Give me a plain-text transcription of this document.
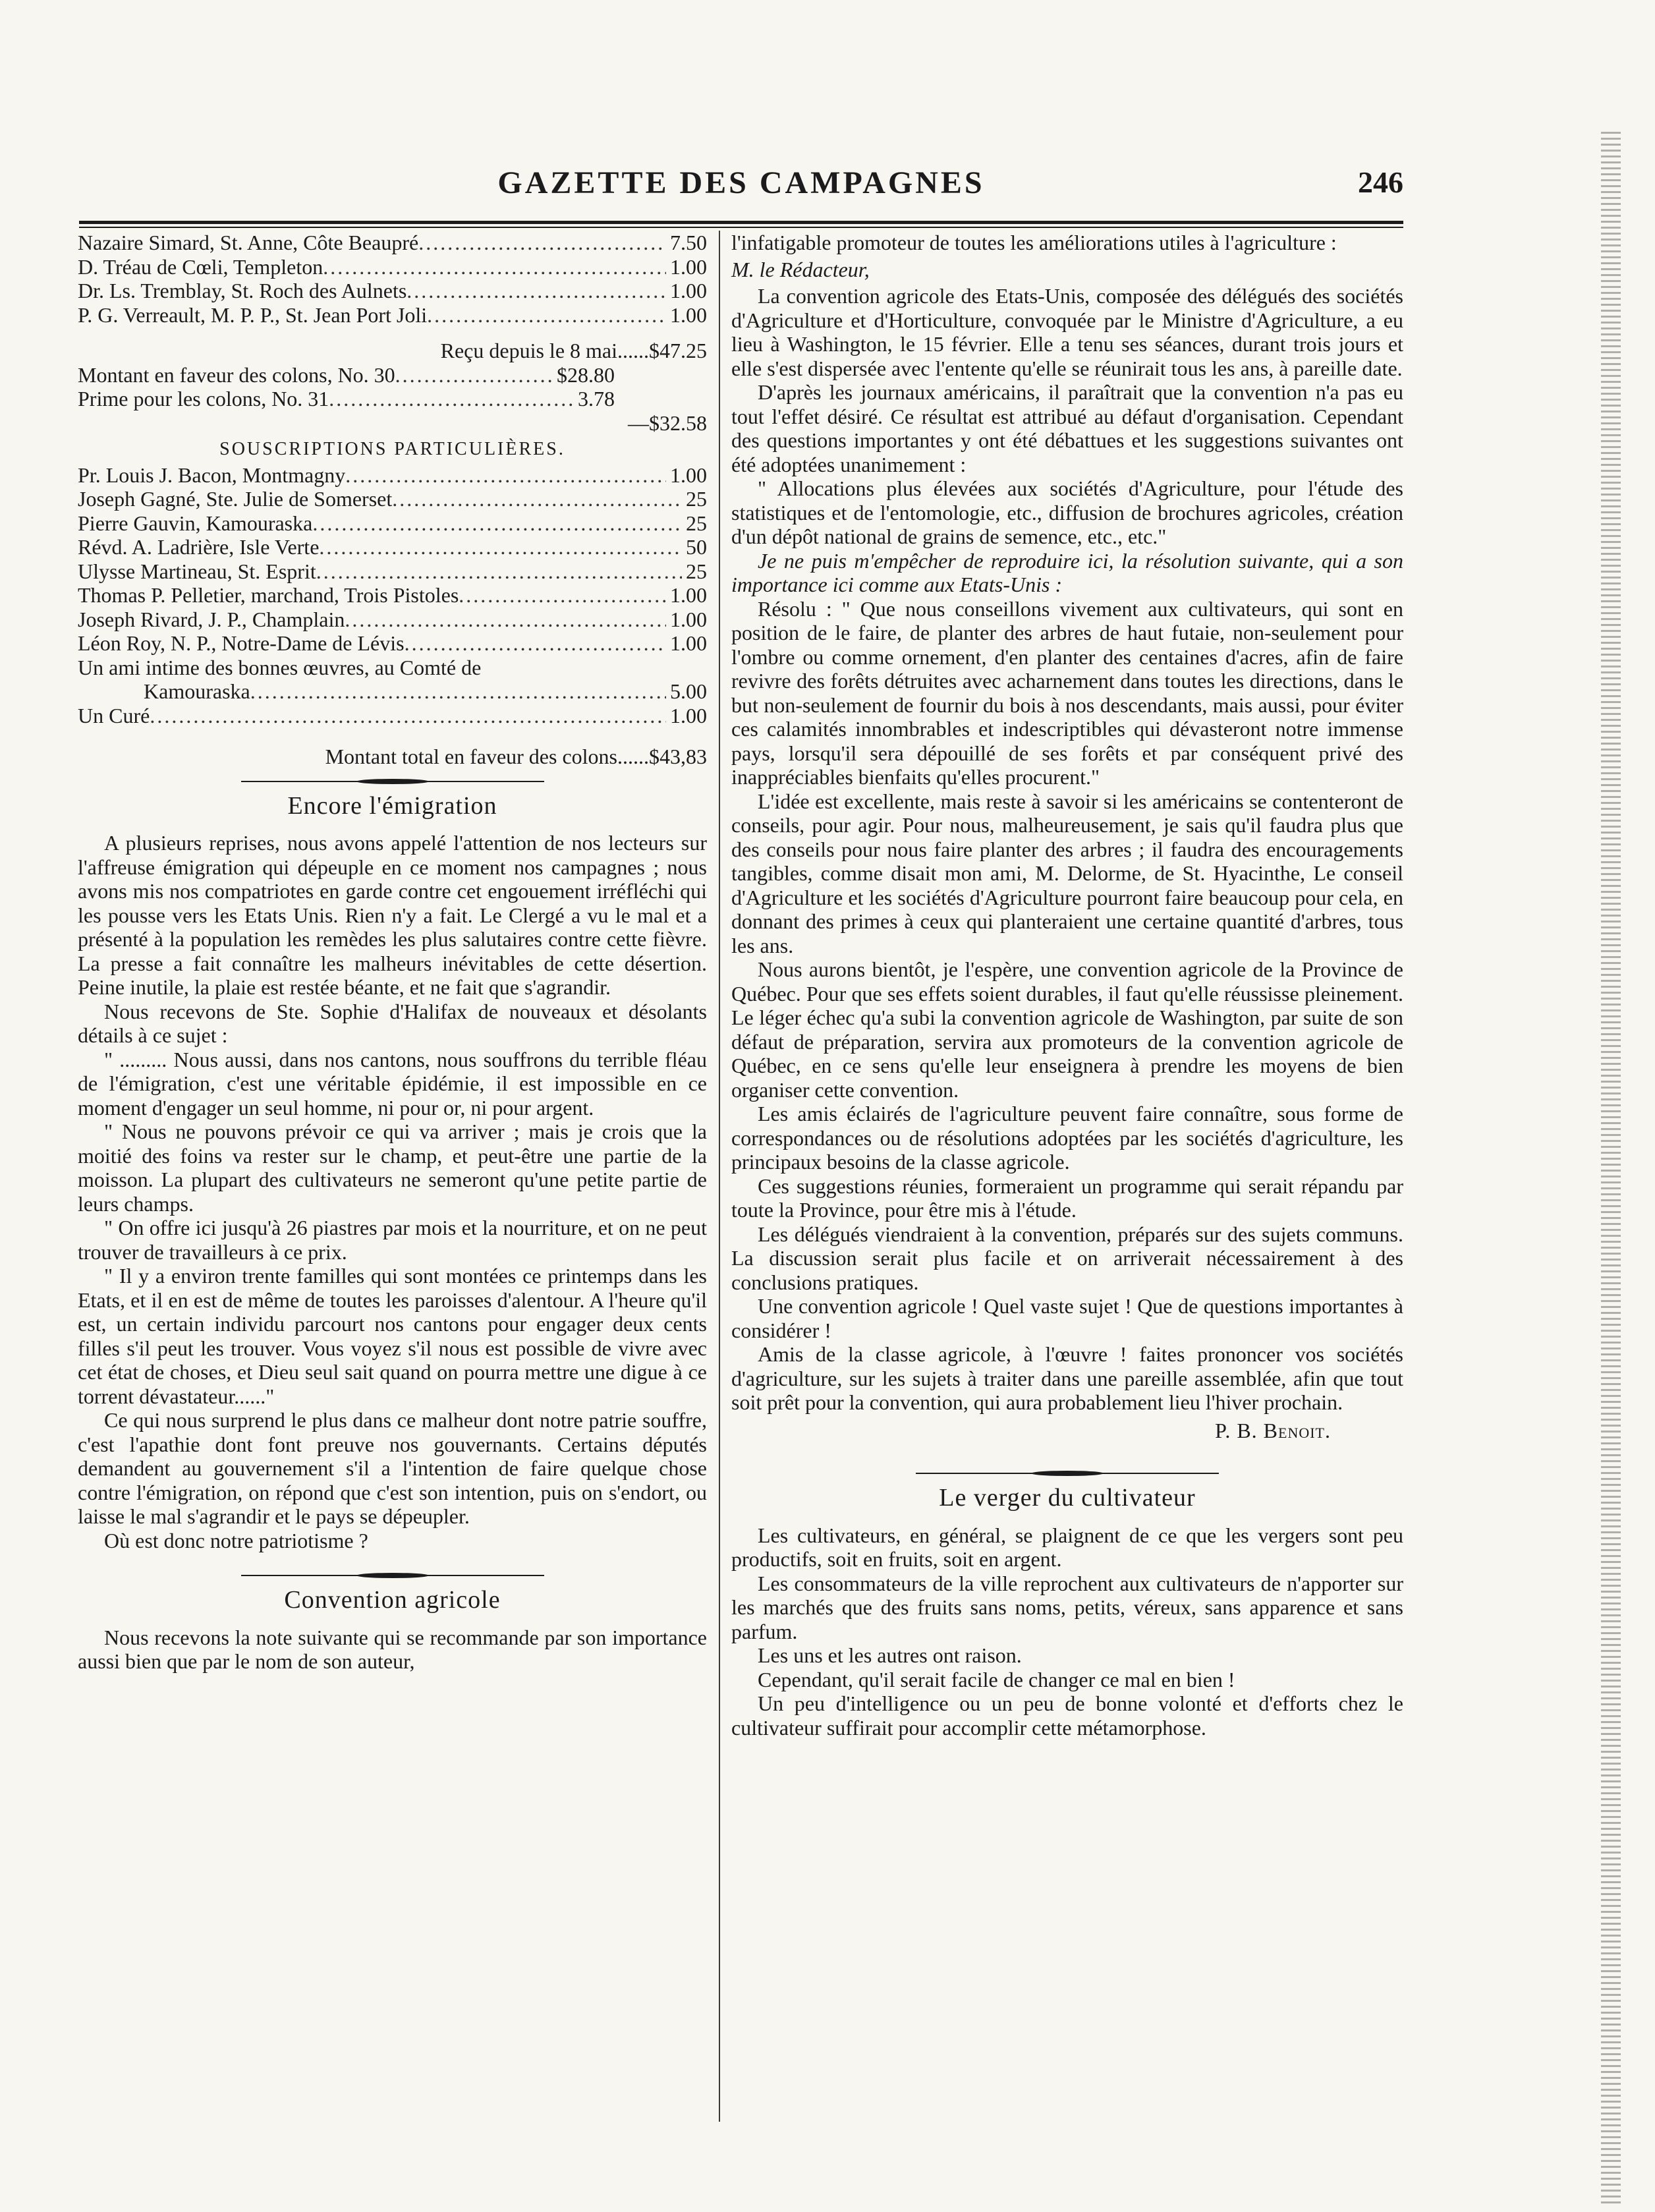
GAZETTE DES CAMPAGNES	246
Nazaire Simard, St. Anne, Côte Beaupré .....	7.50
D. Tréau de Cœli, Templeton .....	1.00
Dr. Ls. Tremblay, St. Roch des Aulnets .....	1.00
P. G. Verreault, M. P. P., St. Jean Port Joli .....	1.00
Reçu depuis le 8 mai......$47.25
Montant en faveur des colons, No. 30 .....	$28.80
Prime pour les colons, No. 31 .....	3.78
—$32.58
SOUSCRIPTIONS PARTICULIÈRES.
Pr. Louis J. Bacon, Montmagny .....	1.00
Joseph Gagné, Ste. Julie de Somerset .....	25
Pierre Gauvin, Kamouraska .....	25
Révd. A. Ladrière, Isle Verte .....	50
Ulysse Martineau, St. Esprit .....	25
Thomas P. Pelletier, marchand, Trois Pistoles .....	1.00
Joseph Rivard, J. P., Champlain .....	1.00
Léon Roy, N. P., Notre-Dame de Lévis .....	1.00
Un ami intime des bonnes œuvres, au Comté de
Kamouraska .....	5.00
Un Curé .....	1.00
Montant total en faveur des colons......$43,83
Encore l'émigration

A plusieurs reprises, nous avons appelé l'attention de nos lecteurs sur l'affreuse émigration qui dépeuple en ce moment nos campagnes ; nous avons mis nos compatriotes en garde contre cet engouement irréfléchi qui les pousse vers les Etats Unis. Rien n'y a fait. Le Clergé a vu le mal et a présenté à la population les remèdes les plus salutaires contre cette fièvre. La presse a fait connaître les malheurs inévitables de cette désertion. Peine inutile, la plaie est restée béante, et ne fait que s'agrandir.

Nous recevons de Ste. Sophie d'Halifax de nouveaux et désolants détails à ce sujet :

" ......... Nous aussi, dans nos cantons, nous souffrons du terrible fléau de l'émigration, c'est une véritable épidémie, il est impossible en ce moment d'engager un seul homme, ni pour or, ni pour argent.

" Nous ne pouvons prévoir ce qui va arriver ; mais je crois que la moitié des foins va rester sur le champ, et peut-être une partie de la moisson. La plupart des cultivateurs ne semeront qu'une petite partie de leurs champs.

" On offre ici jusqu'à 26 piastres par mois et la nourriture, et on ne peut trouver de travailleurs à ce prix.

" Il y a environ trente familles qui sont montées ce printemps dans les Etats, et il en est de même de toutes les paroisses d'alentour. A l'heure qu'il est, un certain individu parcourt nos cantons pour engager deux cents filles s'il peut les trouver. Vous voyez s'il nous est possible de vivre avec cet état de choses, et Dieu seul sait quand on pourra mettre une digue à ce torrent dévastateur......"

Ce qui nous surprend le plus dans ce malheur dont notre patrie souffre, c'est l'apathie dont font preuve nos gouvernants. Certains députés demandent au gouvernement s'il a l'intention de faire quelque chose contre l'émigration, on répond que c'est son intention, puis on s'endort, ou laisse le mal s'agrandir et le pays se dépeupler.

Où est donc notre patriotisme ?

Convention agricole

Nous recevons la note suivante qui se recommande par son importance aussi bien que par le nom de son auteur,

l'infatigable promoteur de toutes les améliorations utiles à l'agriculture :

M. le Rédacteur,

La convention agricole des Etats-Unis, composée des délégués des sociétés d'Agriculture et d'Horticulture, convoquée par le Ministre d'Agriculture, a eu lieu à Washington, le 15 février. Elle a tenu ses séances, durant trois jours et elle s'est dispersée avec l'entente qu'elle se réunirait tous les ans, à pareille date.

D'après les journaux américains, il paraîtrait que la convention n'a pas eu tout l'effet désiré. Ce résultat est attribué au défaut d'organisation. Cependant des questions importantes y ont été débattues et les suggestions suivantes ont été adoptées unanimement :

" Allocations plus élevées aux sociétés d'Agriculture, pour l'étude des statistiques et de l'entomologie, etc., diffusion de brochures agricoles, création d'un dépôt national de grains de semence, etc., etc."

Je ne puis m'empêcher de reproduire ici, la résolution suivante, qui a son importance ici comme aux Etats-Unis :

Résolu : " Que nous conseillons vivement aux cultivateurs, qui sont en position de le faire, de planter des arbres de haut futaie, non-seulement pour l'ombre ou comme ornement, d'en planter des centaines d'acres, afin de faire revivre des forêts détruites avec acharnement dans toutes les directions, dans le but non-seulement de fournir du bois à nos descendants, mais aussi, pour éviter ces calamités innombrables et indescriptibles qui dévasteront notre immense pays, lorsqu'il sera dépouillé de ses forêts et par conséquent privé des inappréciables bienfaits qu'elles procurent."

L'idée est excellente, mais reste à savoir si les américains se contenteront de conseils, pour agir. Pour nous, malheureusement, je sais qu'il faudra plus que des conseils pour nous faire planter des arbres ; il faudra des encouragements tangibles, comme disait mon ami, M. Delorme, de St. Hyacinthe, Le conseil d'Agriculture et les sociétés d'Agriculture pourront faire beaucoup pour cela, en donnant des primes à ceux qui planteraient une certaine quantité d'arbres, tous les ans.

Nous aurons bientôt, je l'espère, une convention agricole de la Province de Québec. Pour que ses effets soient durables, il faut qu'elle réussisse pleinement. Le léger échec qu'a subi la convention agricole de Washington, par suite de son défaut de préparation, servira aux promoteurs de la convention agricole de Québec, en ce sens qu'elle leur enseignera à prendre les moyens de bien organiser cette convention.

Les amis éclairés de l'agriculture peuvent faire connaître, sous forme de correspondances ou de résolutions adoptées par les sociétés d'agriculture, les principaux besoins de la classe agricole.

Ces suggestions réunies, formeraient un programme qui serait répandu par toute la Province, pour être mis à l'étude.

Les délégués viendraient à la convention, préparés sur des sujets communs. La discussion serait plus facile et on arriverait nécessairement à des conclusions pratiques.

Une convention agricole ! Quel vaste sujet ! Que de questions importantes à considérer !

Amis de la classe agricole, à l'œuvre ! faites prononcer vos sociétés d'agriculture, sur les sujets à traiter dans une pareille assemblée, afin que tout soit prêt pour la convention, qui aura probablement lieu l'hiver prochain.

P. B. Benoit.
Le verger du cultivateur

Les cultivateurs, en général, se plaignent de ce que les vergers sont peu productifs, soit en fruits, soit en argent.

Les consommateurs de la ville reprochent aux cultivateurs de n'apporter sur les marchés que des fruits sans noms, petits, véreux, sans apparence et sans parfum.

Les uns et les autres ont raison.

Cependant, qu'il serait facile de changer ce mal en bien !

Un peu d'intelligence ou un peu de bonne volonté et d'efforts chez le cultivateur suffirait pour accomplir cette métamorphose.
